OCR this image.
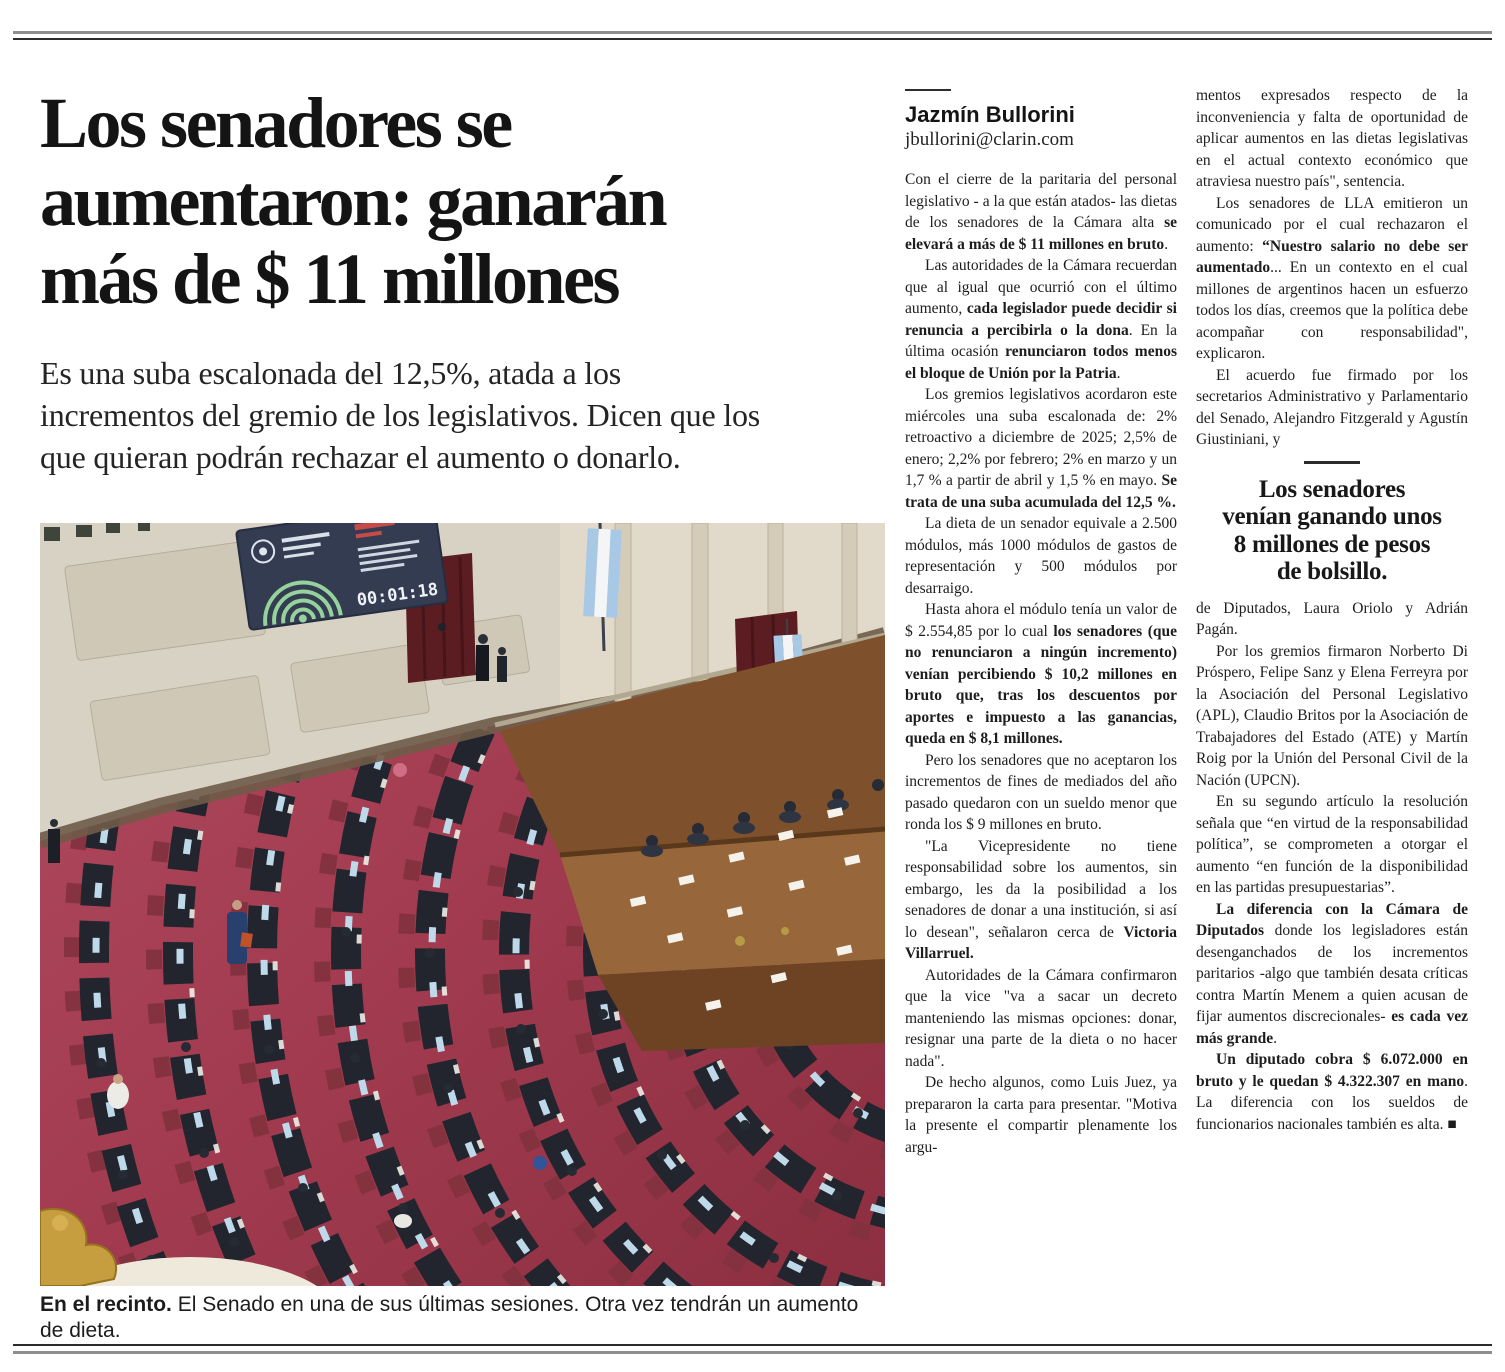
Los senadores se
aumentaron: ganarán
más de $ 11 millones
Es una suba escalonada del 12,5%, atada a los
incrementos del gremio de los legislativos. Dicen que los
que quieran podrán rechazar el aumento o donarlo.
00:01:18
En el recinto. El Senado en una de sus últimas sesiones. Otra vez tendrán un aumento de dieta.
Jazmín Bullorini
jbullorini@clarin.com

Con el cierre de la paritaria del personal legislativo - a la que están atados- las dietas de los senadores de la Cámara alta se elevará a más de $ 11 millones en bruto.

Las autoridades de la Cámara recuerdan que al igual que ocurrió con el último aumento, cada legislador puede decidir si renuncia a percibirla o la dona. En la última ocasión renunciaron todos menos el bloque de Unión por la Patria.

Los gremios legislativos acordaron este miércoles una suba escalonada de: 2% retroactivo a diciembre de 2025; 2,5% de enero; 2,2% por febrero; 2% en marzo y un 1,7 % a partir de abril y 1,5 % en mayo. Se trata de una suba acumulada del 12,5 %.

La dieta de un senador equivale a 2.500 módulos, más 1000 módulos de gastos de representación y 500 módulos por desarraigo.

Hasta ahora el módulo tenía un valor de $ 2.554,85 por lo cual los senadores (que no renunciaron a ningún incremento) venían percibiendo $ 10,2 millones en bruto que, tras los descuentos por aportes e impuesto a las ganancias, queda en $ 8,1 millones.

Pero los senadores que no aceptaron los incrementos de fines de mediados del año pasado quedaron con un sueldo menor que ronda los $ 9 millones en bruto.

"La Vicepresidente no tiene responsabilidad sobre los aumentos, sin embargo, les da la posibilidad a los senadores de donar a una institución, si así lo desean", señalaron cerca de Victoria Villarruel.

Autoridades de la Cámara confirmaron que la vice "va a sacar un decreto manteniendo las mismas opciones: donar, resignar una parte de la dieta o no hacer nada".

De hecho algunos, como Luis Juez, ya prepararon la carta para presentar. "Motiva la presente el compartir plenamente los argu-

mentos expresados respecto de la inconveniencia y falta de oportunidad de aplicar aumentos en las dietas legislativas en el actual contexto económico que atraviesa nuestro país", sentencia.

Los senadores de LLA emitieron un comunicado por el cual rechazaron el aumento: “Nuestro salario no debe ser aumentado... En un contexto en el cual millones de argentinos hacen un esfuerzo todos los días, creemos que la política debe acompañar con responsabilidad", explicaron.

El acuerdo fue firmado por los secretarios Administrativo y Parlamentario del Senado, Alejandro Fitzgerald y Agustín Giustiniani, y

Los senadores
venían ganando unos
8 millones de pesos
de bolsillo.

de Diputados, Laura Oriolo y Adrián Pagán.

Por los gremios firmaron Norberto Di Próspero, Felipe Sanz y Elena Ferreyra por la Asociación del Personal Legislativo (APL), Claudio Britos por la Asociación de Trabajadores del Estado (ATE) y Martín Roig por la Unión del Personal Civil de la Nación (UPCN).

En su segundo artículo la resolución señala que “en virtud de la responsabilidad política”, se comprometen a otorgar el aumento “en función de la disponibilidad en las partidas presupuestarias”.

La diferencia con la Cámara de Diputados donde los legisladores están desenganchados de los incrementos paritarios -algo que también desata críticas contra Martín Menem a quien acusan de fijar aumentos discrecionales- es cada vez más grande.

Un diputado cobra $ 6.072.000 en bruto y le quedan $ 4.322.307 en mano. La diferencia con los sueldos de funcionarios nacionales también es alta. ■
